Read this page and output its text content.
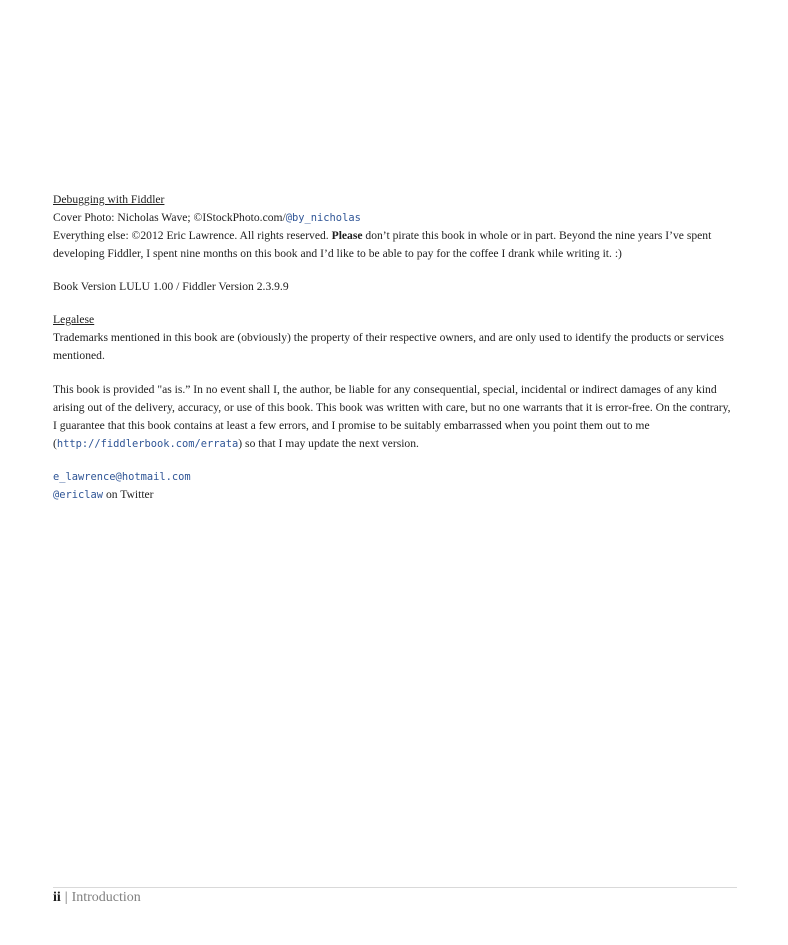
Debugging with Fiddler

Cover Photo: Nicholas Wave; ©IStockPhoto.com/@by_nicholas

Everything else: ©2012 Eric Lawrence. All rights reserved. Please don’t pirate this book in whole or in part. Beyond the nine years I’ve spent developing Fiddler, I spent nine months on this book and I’d like to be able to pay for the coffee I drank while writing it. :)

Book Version LULU 1.00 / Fiddler Version 2.3.9.9

Legalese

Trademarks mentioned in this book are (obviously) the property of their respective owners, and are only used to identify the products or services mentioned.

This book is provided "as is.” In no event shall I, the author, be liable for any consequential, special, incidental or indirect damages of any kind arising out of the delivery, accuracy, or use of this book. This book was written with care, but no one warrants that it is error-free. On the contrary, I guarantee that this book contains at least a few errors, and I promise to be suitably embarrassed when you point them out to me (http://fiddlerbook.com/errata) so that I may update the next version.

e_lawrence@hotmail.com

@ericlaw on Twitter

ii | Introduction
